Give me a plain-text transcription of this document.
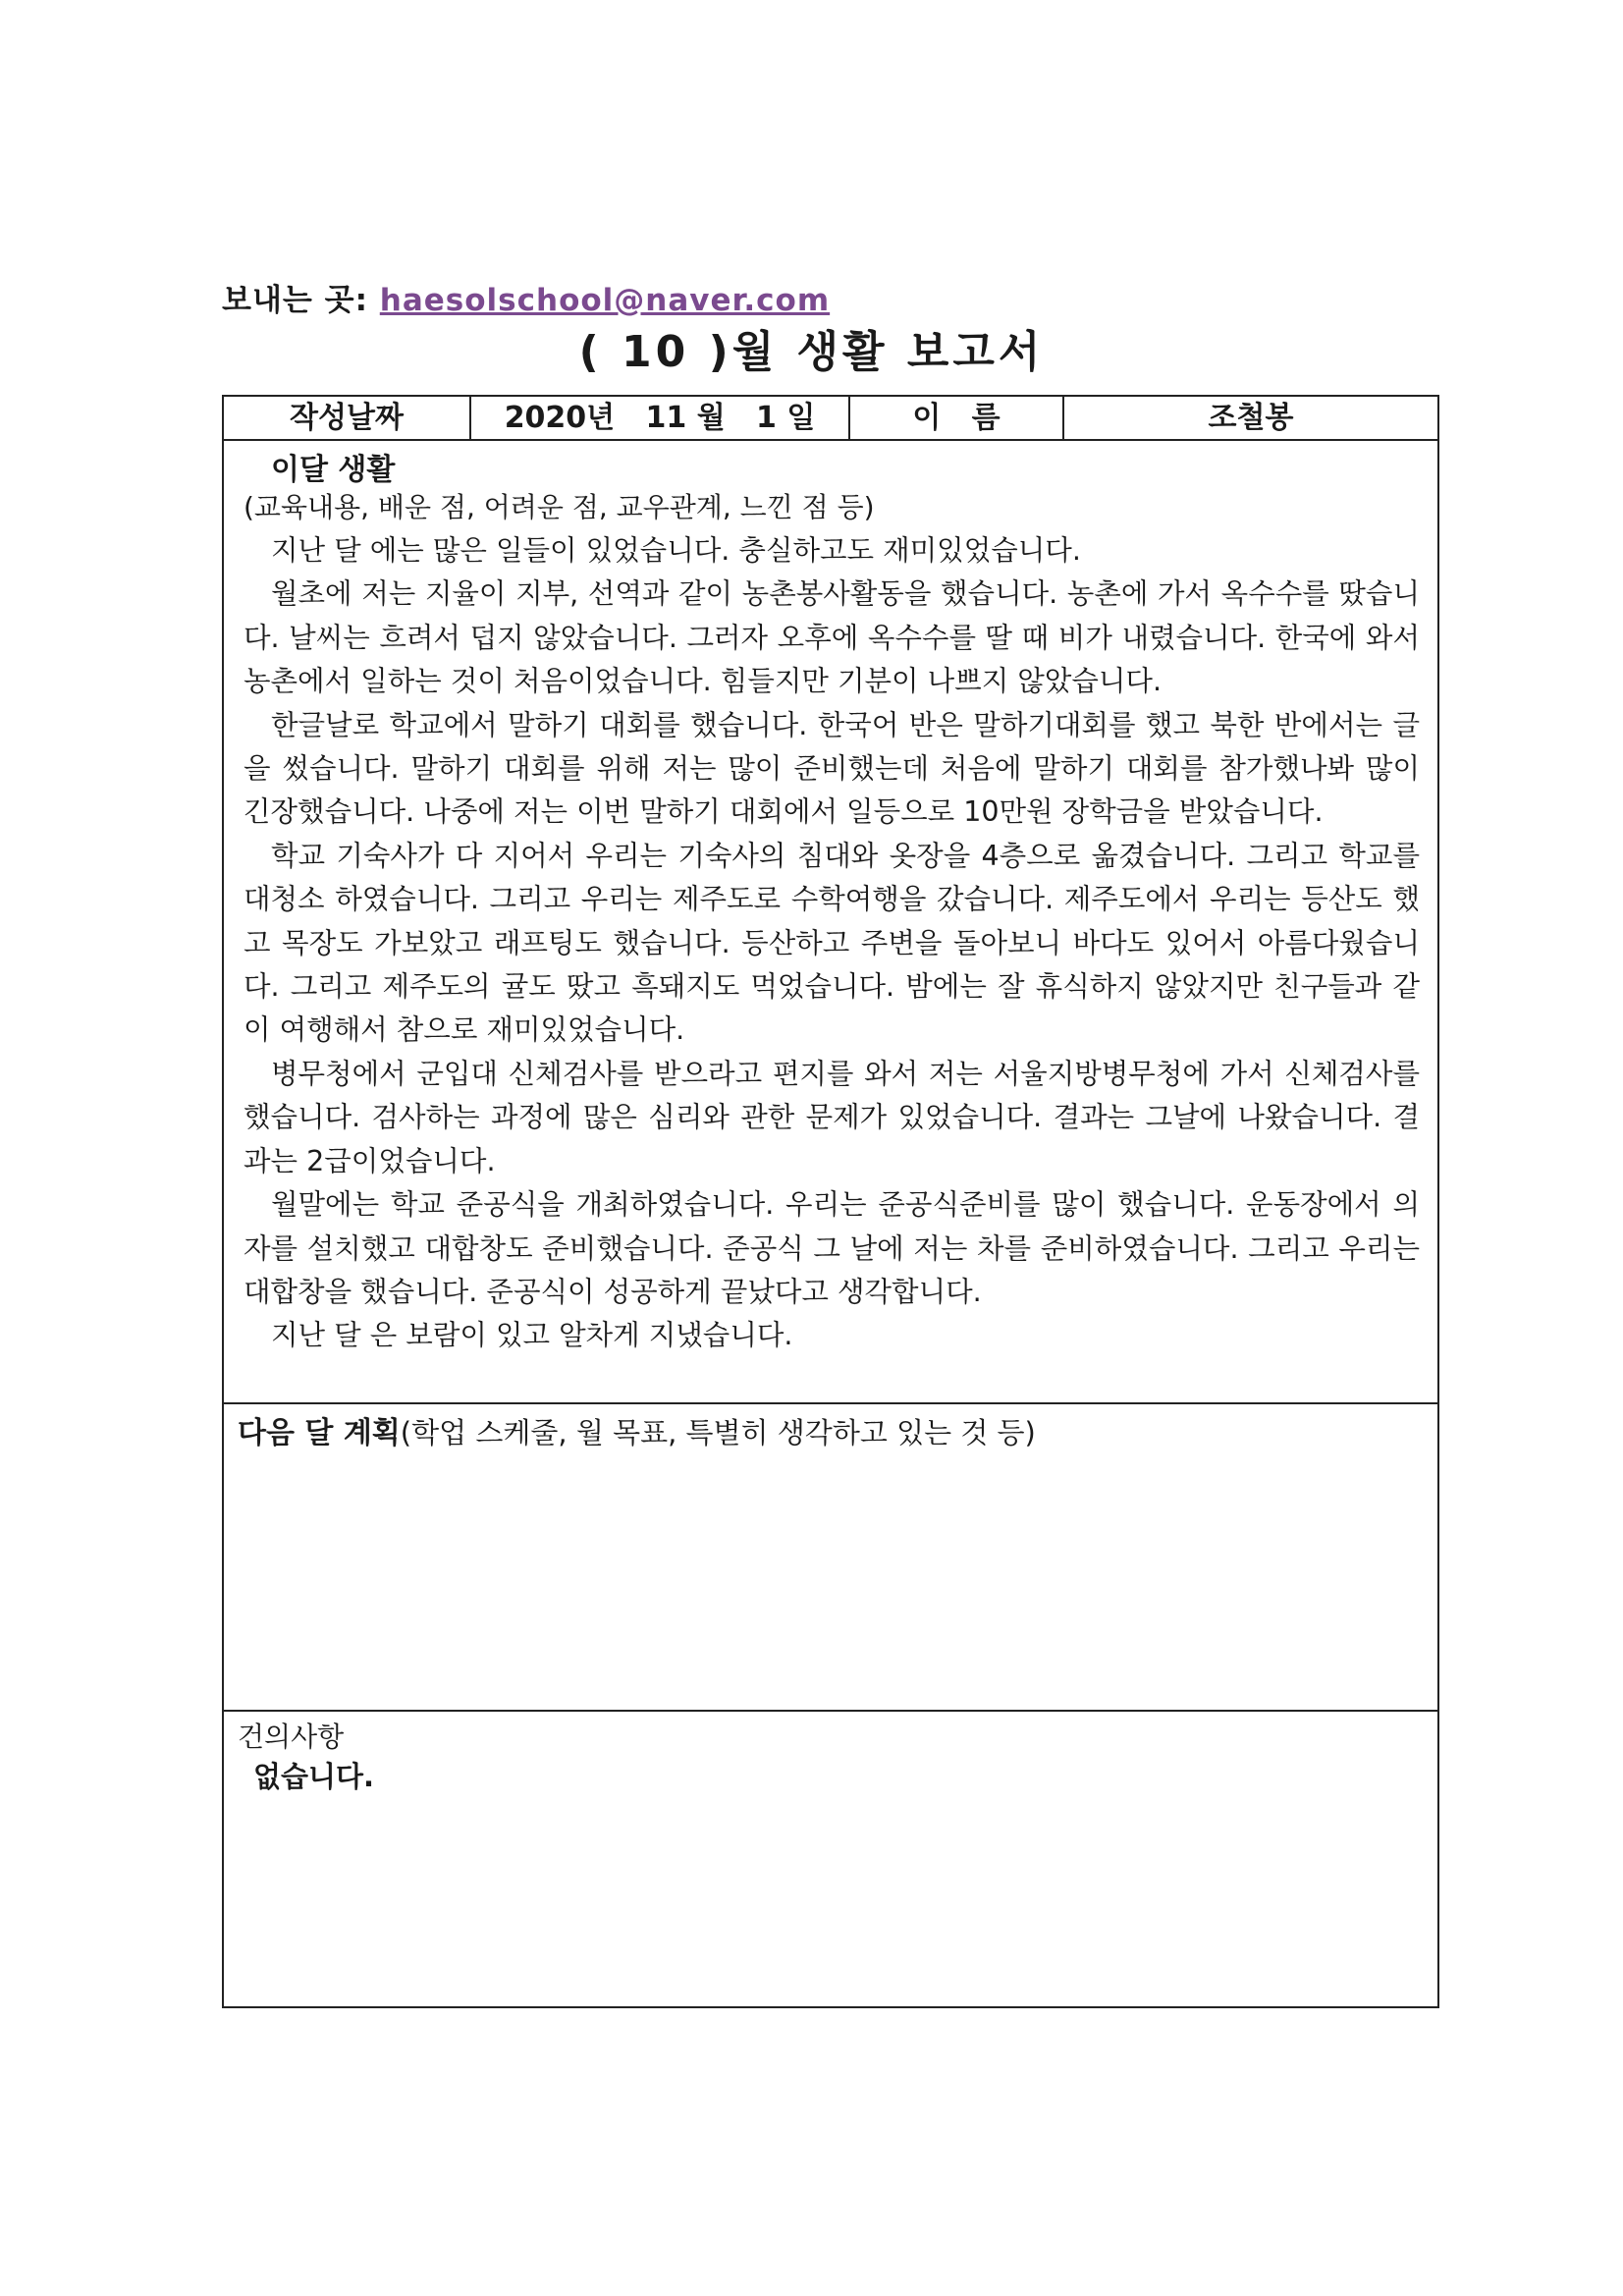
보내는 곳: haesolschool@naver.com
( 10 )월 생활 보고서
작성날짜	2020년   11 월   1 일	이   름	조철봉
이달 생활
(교육내용, 배운 점, 어려운 점, 교우관계, 느낀 점 등)

지난 달 에는 많은 일들이 있었습니다. 충실하고도 재미있었습니다.

월초에 저는 지율이 지부, 선역과 같이 농촌봉사활동을 했습니다. 농촌에 가서 옥수수를 땄습니다. 날씨는 흐려서 덥지 않았습니다. 그러자 오후에 옥수수를 딸 때 비가 내렸습니다. 한국에 와서 농촌에서 일하는 것이 처음이었습니다. 힘들지만 기분이 나쁘지 않았습니다.

한글날로 학교에서 말하기 대회를 했습니다. 한국어 반은 말하기대회를 했고 북한 반에서는 글을 썼습니다. 말하기 대회를 위해 저는 많이 준비했는데 처음에 말하기 대회를 참가했나봐 많이 긴장했습니다. 나중에 저는 이번 말하기 대회에서 일등으로 10만원 장학금을 받았습니다.

학교 기숙사가 다 지어서 우리는 기숙사의 침대와 옷장을 4층으로 옮겼습니다. 그리고 학교를 대청소 하였습니다. 그리고 우리는 제주도로 수학여행을 갔습니다. 제주도에서 우리는 등산도 했고 목장도 가보았고 래프팅도 했습니다. 등산하고 주변을 돌아보니 바다도 있어서 아름다웠습니다. 그리고 제주도의 귤도 땄고 흑돼지도 먹었습니다. 밤에는 잘 휴식하지 않았지만 친구들과 같이 여행해서 참으로 재미있었습니다.

병무청에서 군입대 신체검사를 받으라고 편지를 와서 저는 서울지방병무청에 가서 신체검사를 했습니다. 검사하는 과정에 많은 심리와 관한 문제가 있었습니다. 결과는 그날에 나왔습니다. 결과는 2급이었습니다.

월말에는 학교 준공식을 개최하였습니다. 우리는 준공식준비를 많이 했습니다. 운동장에서 의자를 설치했고 대합창도 준비했습니다. 준공식 그 날에 저는 차를 준비하였습니다. 그리고 우리는 대합창을 했습니다. 준공식이 성공하게 끝났다고 생각합니다.

지난 달 은 보람이 있고 알차게 지냈습니다.

다음 달 계획(학업 스케줄, 월 목표, 특별히 생각하고 있는 것 등)
건의사항
없습니다.
